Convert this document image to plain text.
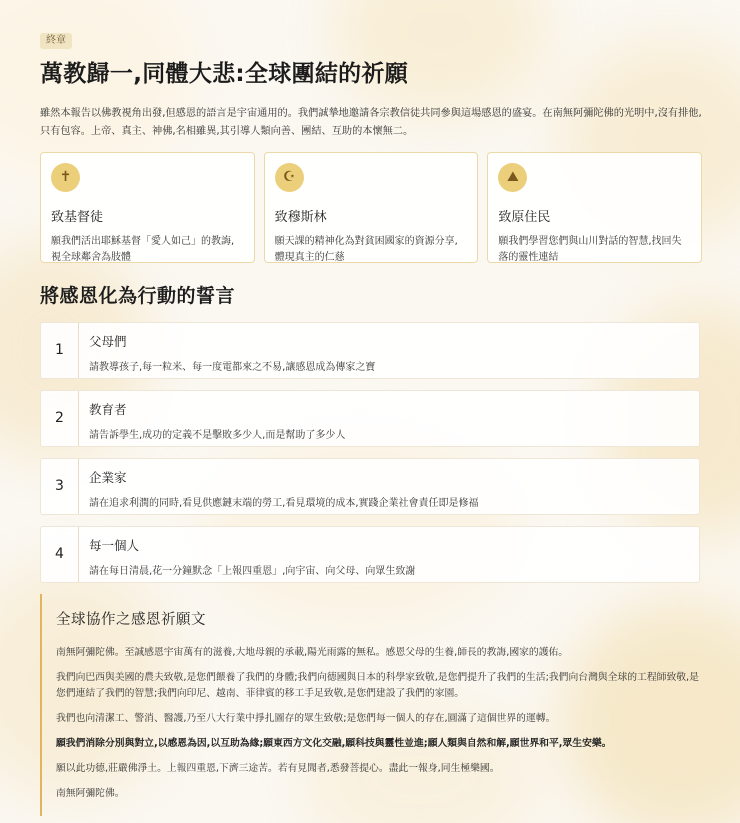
終章
萬教歸一,同體大悲:全球團結的祈願

雖然本報告以佛教視角出發,但感恩的語言是宇宙通用的。我們誠摯地邀請各宗教信徒共同參與這場感恩的盛宴。在南無阿彌陀佛的光明中,沒有排他,只有包容。上帝、真主、神佛,名相雖異,其引導人類向善、團結、互助的本懷無二。

✝
致基督徒
願我們活出耶穌基督「愛人如己」的教誨,視全球鄰舍為肢體
☪
致穆斯林
願天課的精神化為對貧困國家的資源分享,體現真主的仁慈
⛰
致原住民
願我們學習您們與山川對話的智慧,找回失落的靈性連結
將感恩化為行動的誓言
1
父母們
請教導孩子,每一粒米、每一度電都來之不易,讓感恩成為傳家之寶
2
教育者
請告訴學生,成功的定義不是擊敗多少人,而是幫助了多少人
3
企業家
請在追求利潤的同時,看見供應鏈末端的勞工,看見環境的成本,實踐企業社會責任即是修福
4
每一個人
請在每日清晨,花一分鐘默念「上報四重恩」,向宇宙、向父母、向眾生致謝
全球協作之感恩祈願文

南無阿彌陀佛。至誠感恩宇宙萬有的滋養,大地母親的承載,陽光雨露的無私。感恩父母的生養,師長的教誨,國家的護佑。

我們向巴西與美國的農夫致敬,是您們餵養了我們的身體;我們向德國與日本的科學家致敬,是您們提升了我們的生活;我們向台灣與全球的工程師致敬,是您們連結了我們的智慧;我們向印尼、越南、菲律賓的移工手足致敬,是您們建設了我們的家園。

我們也向清潔工、警消、醫護,乃至八大行業中掙扎圖存的眾生致敬;是您們每一個人的存在,圓滿了這個世界的運轉。

願我們消除分別與對立,以感恩為因,以互助為緣;願東西方文化交融,願科技與靈性並進;願人類與自然和解,願世界和平,眾生安樂。

願以此功德,莊嚴佛淨土。上報四重恩,下濟三途苦。若有見聞者,悉發菩提心。盡此一報身,同生極樂國。

南無阿彌陀佛。
